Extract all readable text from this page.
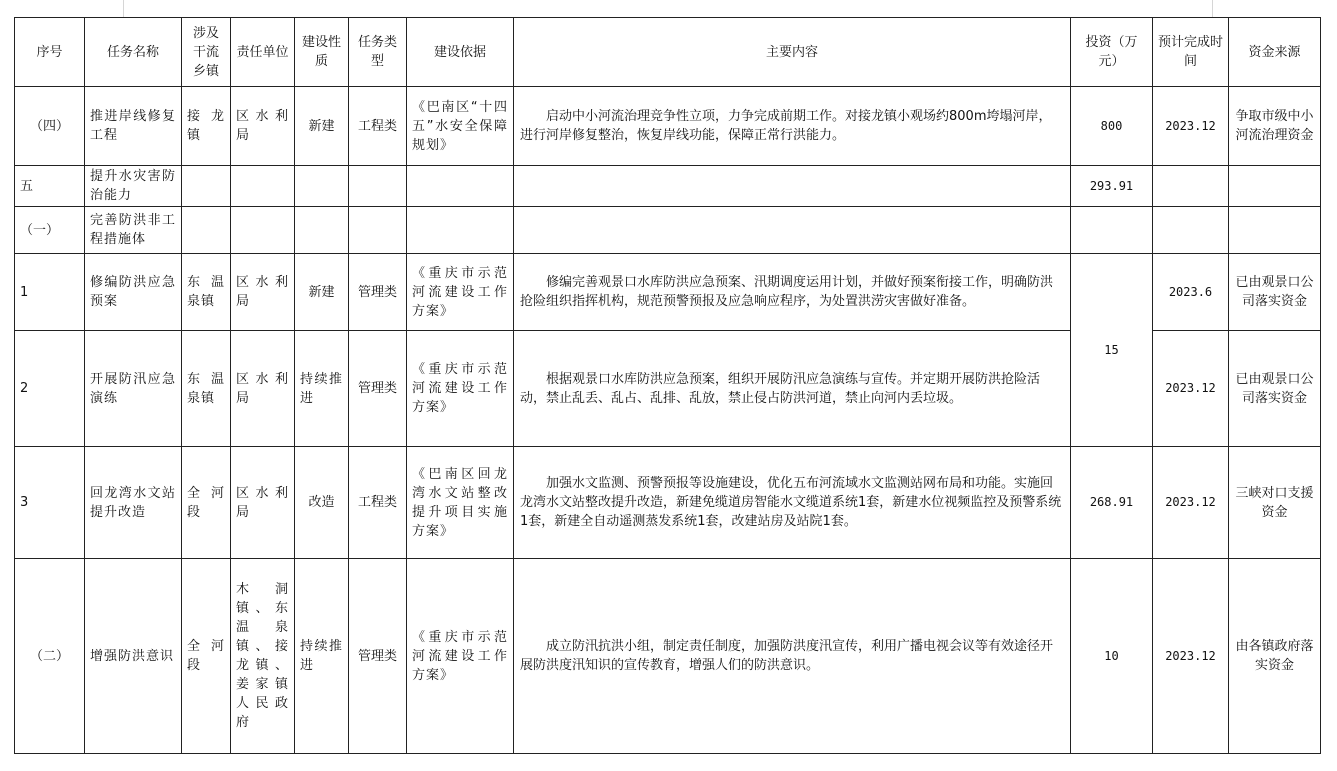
序号	任务名称	涉及干流乡镇	责任单位	建设性质	任务类型	建设依据	主要内容	投资（万元）	预计完成时间	资金来源
（四）	推进岸线修复工程	接龙镇	区水利局	新建	工程类	《巴南区“十四五”水安全保障规划》	启动中小河流治理竞争性立项，力争完成前期工作。对接龙镇小观场约800m垮塌河岸，进行河岸修复整治，恢复岸线功能，保障正常行洪能力。	800	2023.12	争取市级中小河流治理资金
五	提升水灾害防治能力							293.91		
（一）	完善防洪非工程措施体									
1	修编防洪应急预案	东温泉镇	区水利局	新建	管理类	《重庆市示范河流建设工作方案》	修编完善观景口水库防洪应急预案、汛期调度运用计划，并做好预案衔接工作，明确防洪抢险组织指挥机构，规范预警预报及应急响应程序，为处置洪涝灾害做好准备。	15	2023.6	已由观景口公司落实资金
2	开展防汛应急演练	东温泉镇	区水利局	持续推进	管理类	《重庆市示范河流建设工作方案》	根据观景口水库防洪应急预案，组织开展防汛应急演练与宣传。并定期开展防洪抢险活动，禁止乱丢、乱占、乱排、乱放，禁止侵占防洪河道，禁止向河内丢垃圾。		2023.12	已由观景口公司落实资金
3	回龙湾水文站提升改造	全河段	区水利局	改造	工程类	《巴南区回龙湾水文站整改提升项目实施方案》	加强水文监测、预警预报等设施建设，优化五布河流域水文监测站网布局和功能。实施回龙湾水文站整改提升改造，新建免缆道房智能水文缆道系统1套，新建水位视频监控及预警系统1套，新建全自动遥测蒸发系统1套，改建站房及站院1套。	268.91	2023.12	三峡对口支援资金
（二）	增强防洪意识	全河段	木洞镇、东温泉镇、接龙镇、姜家镇人民政府	持续推进	管理类	《重庆市示范河流建设工作方案》	成立防汛抗洪小组，制定责任制度，加强防洪度汛宣传，利用广播电视会议等有效途径开展防洪度汛知识的宣传教育，增强人们的防洪意识。	10	2023.12	由各镇政府落实资金
